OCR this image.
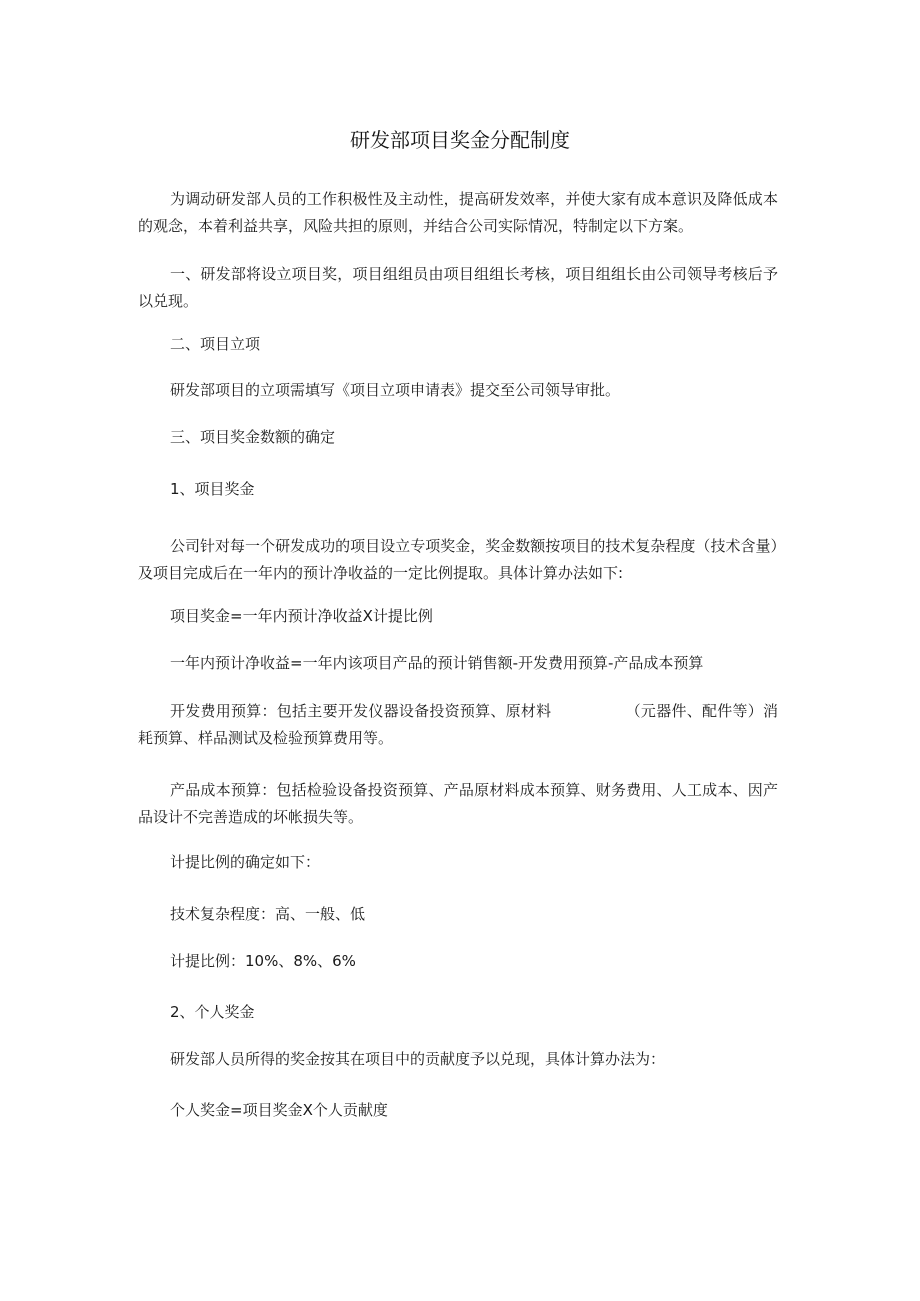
研发部项目奖金分配制度

为调动研发部人员的工作积极性及主动性，提高研发效率，并使大家有成本意识及降低成本的观念，本着利益共享，风险共担的原则，并结合公司实际情况，特制定以下方案。

一、研发部将设立项目奖，项目组组员由项目组组长考核，项目组组长由公司领导考核后予以兑现。

二、项目立项

研发部项目的立项需填写《项目立项申请表》提交至公司领导审批。

三、项目奖金数额的确定

1、项目奖金

公司针对每一个研发成功的项目设立专项奖金，奖金数额按项目的技术复杂程度（技术含量）及项目完成后在一年内的预计净收益的一定比例提取。具体计算办法如下:

项目奖金=一年内预计净收益X计提比例

一年内预计净收益=一年内该项目产品的预计销售额-开发费用预算-产品成本预算

开发费用预算：包括主要开发仪器设备投资预算、原材料	（元器件、配件等）消耗预算、样品测试及检验预算费用等。

产品成本预算：包括检验设备投资预算、产品原材料成本预算、财务费用、人工成本、因产品设计不完善造成的坏帐损失等。

计提比例的确定如下：

技术复杂程度：高、一般、低

计提比例：10%、8%、6%

2、个人奖金

研发部人员所得的奖金按其在项目中的贡献度予以兑现，具体计算办法为：

个人奖金=项目奖金X个人贡献度
